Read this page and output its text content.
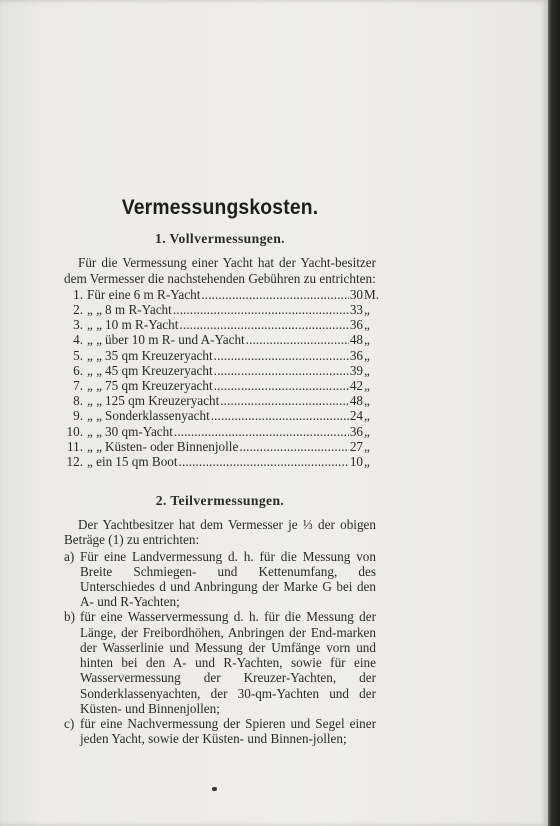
Vermessungskosten.
1. Vollvermessungen.

Für die Vermessung einer Yacht hat der Yacht-besitzer dem Vermesser die nachstehenden Gebühren zu entrichten:

1. Für eine 6 m R-Yacht . . .	30 M.
2. „ „ 8 m R-Yacht . . .	33 „
3. „ „ 10 m R-Yacht . . .	36 „
4. „ „ über 10 m R- und A-Yacht . . .	48 „
5. „ „ 35 qm Kreuzeryacht . . .	36 „
6. „ „ 45 qm Kreuzeryacht . . .	39 „
7. „ „ 75 qm Kreuzeryacht . . .	42 „
8. „ „ 125 qm Kreuzeryacht . . .	48 „
9. „ „ Sonderklassenyacht . . .	24 „
10. „ „ 30 qm-Yacht . . .	36 „
11. „ „ Küsten- oder Binnenjolle . . .	27 „
12. „ ein 15 qm Boot . . .	10 „
2. Teilvermessungen.

Der Yachtbesitzer hat dem Vermesser je ⅓ der obigen Beträge (1) zu entrichten:

a) Für eine Landvermessung d. h. für die Messung von Breite Schmiegen- und Kettenumfang, des Unterschiedes d und Anbringung der Marke G bei den A- und R-Yachten;
b) für eine Wasservermessung d. h. für die Messung der Länge, der Freibordhöhen, Anbringen der End-marken der Wasserlinie und Messung der Umfänge vorn und hinten bei den A- und R-Yachten, sowie für eine Wasservermessung der Kreuzer-Yachten, der Sonderklassenyachten, der 30-qm-Yachten und der Küsten- und Binnenjollen;
c) für eine Nachvermessung der Spieren und Segel einer jeden Yacht, sowie der Küsten- und Binnen-jollen;
